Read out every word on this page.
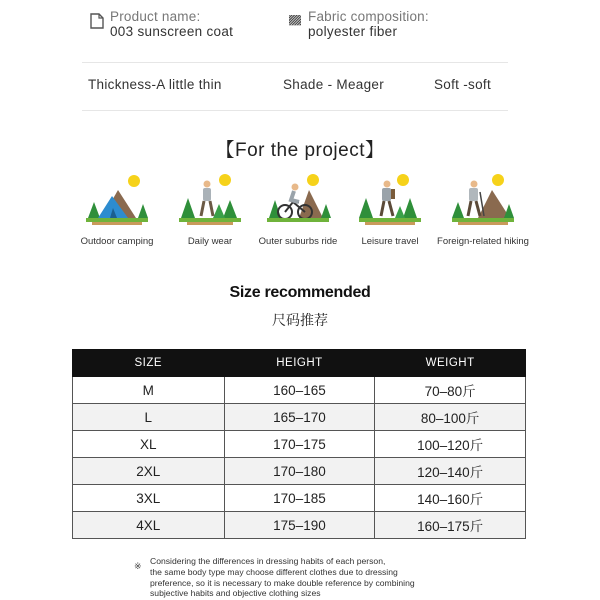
Product name:
003 sunscreen coat
Fabric composition:
polyester fiber
Thickness-A little thin	Shade - Meager	Soft -soft
【For the project】
Outdoor camping	Daily wear	Outer suburbs ride	Leisure travel	Foreign-related hiking
Size recommended
尺码推荐
SIZE	HEIGHT	WEIGHT
M	160–165	70–80斤
L	165–170	80–100斤
XL	170–175	100–120斤
2XL	170–180	120–140斤
3XL	170–185	140–160斤
4XL	175–190	160–175斤
※ Considering the differences in dressing habits of each person,
the same body type may choose different clothes due to dressing
preference, so it is necessary to make double reference by combining
subjective habits and objective clothing sizes
